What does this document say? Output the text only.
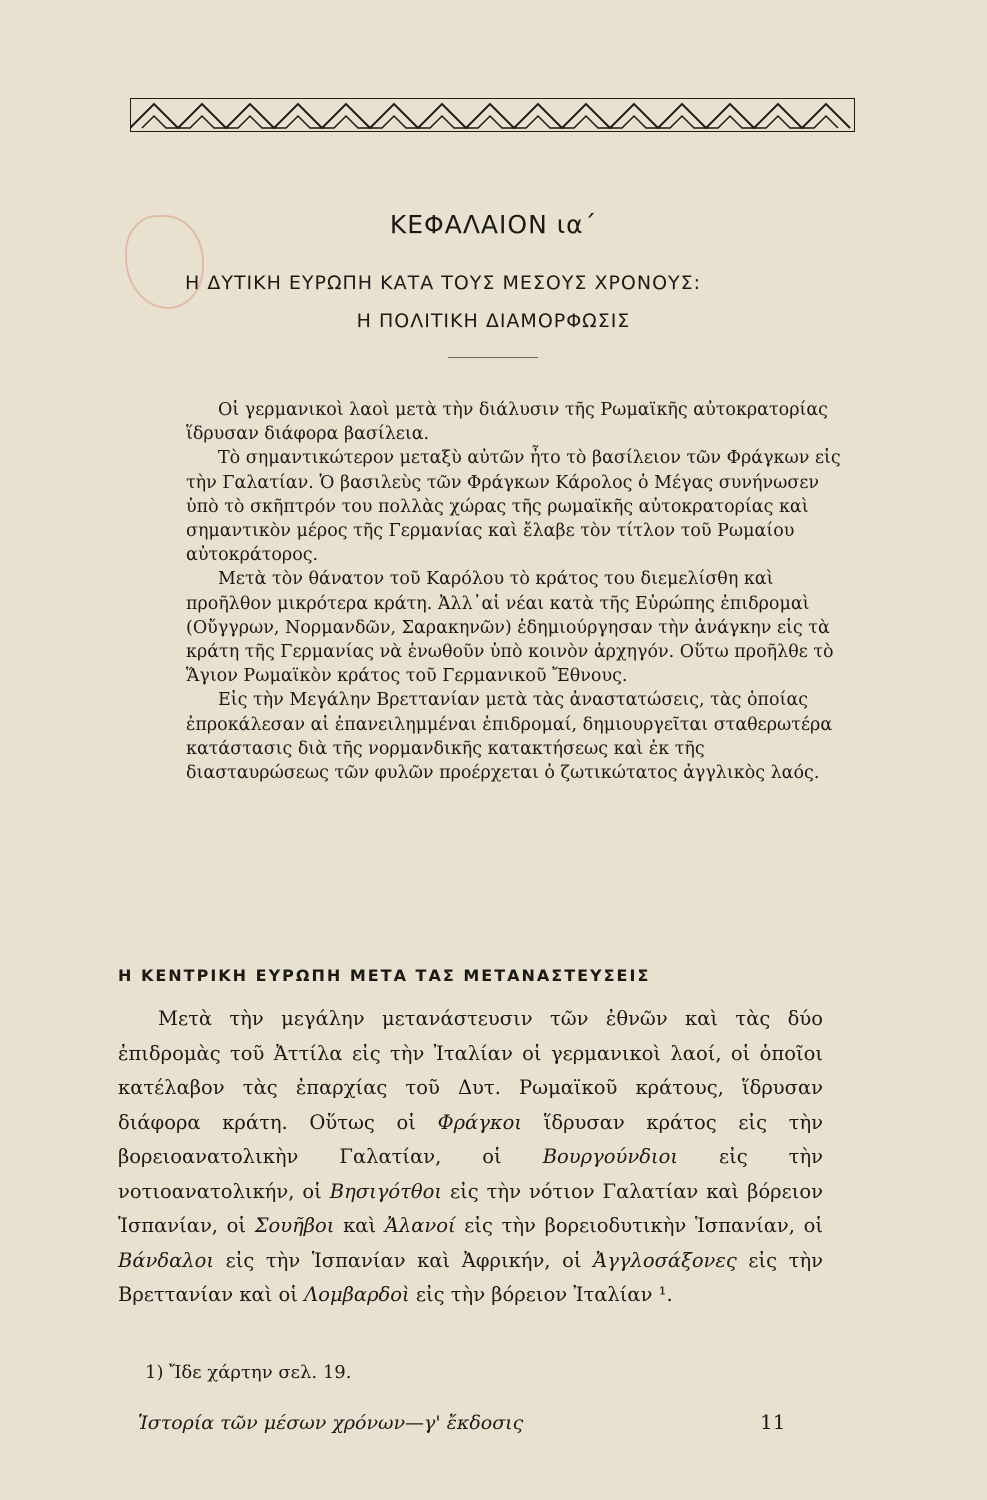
ΚΕΦΑΛΑΙΟΝ ια΄
Η ΔΥΤΙΚΗ ΕΥΡΩΠΗ ΚΑΤΑ ΤΟΥΣ ΜΕΣΟΥΣ ΧΡΟΝΟΥΣ:
Η ΠΟΛΙΤΙΚΗ ΔΙΑΜΟΡΦΩΣΙΣ

Οἱ γερμανικοὶ λαοὶ μετὰ τὴν διάλυσιν τῆς Ρωμαϊκῆς αὐτοκρατορίας ἵδρυσαν διάφορα βασίλεια.

Τὸ σημαντικώτερον μεταξὺ αὐτῶν ἦτο τὸ βασίλειον τῶν Φράγκων εἰς τὴν Γαλατίαν. Ὁ βασιλεὺς τῶν Φράγκων Κάρολος ὁ Μέγας συνήνωσεν ὑπὸ τὸ σκῆπτρόν του πολλὰς χώρας τῆς ρωμαϊκῆς αὐτοκρατορίας καὶ σημαντικὸν μέρος τῆς Γερμανίας καὶ ἔλαβε τὸν τίτλον τοῦ Ρωμαίου αὐτοκράτορος.

Μετὰ τὸν θάνατον τοῦ Καρόλου τὸ κράτος του διεμελίσθη καὶ προῆλθον μικρότερα κράτη. Ἀλλ᾽αἱ νέαι κατὰ τῆς Εὐρώπης ἐπιδρομαὶ (Οὔγγρων, Νορμανδῶν, Σαρακηνῶν) ἐδημιούργησαν τὴν ἀνάγκην εἰς τὰ κράτη τῆς Γερμανίας νὰ ἑνωθοῦν ὑπὸ κοινὸν ἀρχηγόν. Οὕτω προῆλθε τὸ Ἅγιον Ρωμαϊκὸν κράτος τοῦ Γερμανικοῦ Ἔθνους.

Εἰς τὴν Μεγάλην Βρεττανίαν μετὰ τὰς ἀναστατώσεις, τὰς ὁποίας ἐπροκάλεσαν αἱ ἐπανειλημμέναι ἐπιδρομαί, δημιουργεῖται σταθερωτέρα κατάστασις διὰ τῆς νορμανδικῆς κατακτήσεως καὶ ἐκ τῆς διασταυρώσεως τῶν φυλῶν προέρχεται ὁ ζωτικώτατος ἀγγλικὸς λαός.

Η ΚΕΝΤΡΙΚΗ ΕΥΡΩΠΗ ΜΕΤΑ ΤΑΣ ΜΕΤΑΝΑΣΤΕΥΣΕΙΣ

Μετὰ τὴν μεγάλην μετανάστευσιν τῶν ἐθνῶν καὶ τὰς δύο ἐπιδρομὰς τοῦ Ἀττίλα εἰς τὴν Ἰταλίαν οἱ γερμανικοὶ λαοί, οἱ ὁποῖοι κατέλαβον τὰς ἐπαρχίας τοῦ Δυτ. Ρωμαϊκοῦ κράτους, ἵδρυσαν διάφορα κράτη. Οὕτως οἱ Φράγκοι ἵδρυσαν κράτος εἰς τὴν βορειοανατολικὴν Γαλατίαν, οἱ Βουργούνδιοι εἰς τὴν νοτιοανατολικήν, οἱ Βησιγότθοι εἰς τὴν νότιον Γαλατίαν καὶ βόρειον Ἱσπανίαν, οἱ Σουῆβοι καὶ Ἀλανοί εἰς τὴν βορειοδυτικὴν Ἱσπανίαν, οἱ Βάνδαλοι εἰς τὴν Ἱσπανίαν καὶ Ἀφρικήν, οἱ Ἀγγλοσάξονες εἰς τὴν Βρεττανίαν καὶ οἱ Λομβαρδοὶ εἰς τὴν βόρειον Ἰταλίαν ¹.

1) Ἴδε χάρτην σελ. 19.
Ἱστορία τῶν μέσων χρόνων—γ' ἔκδοσις	11
